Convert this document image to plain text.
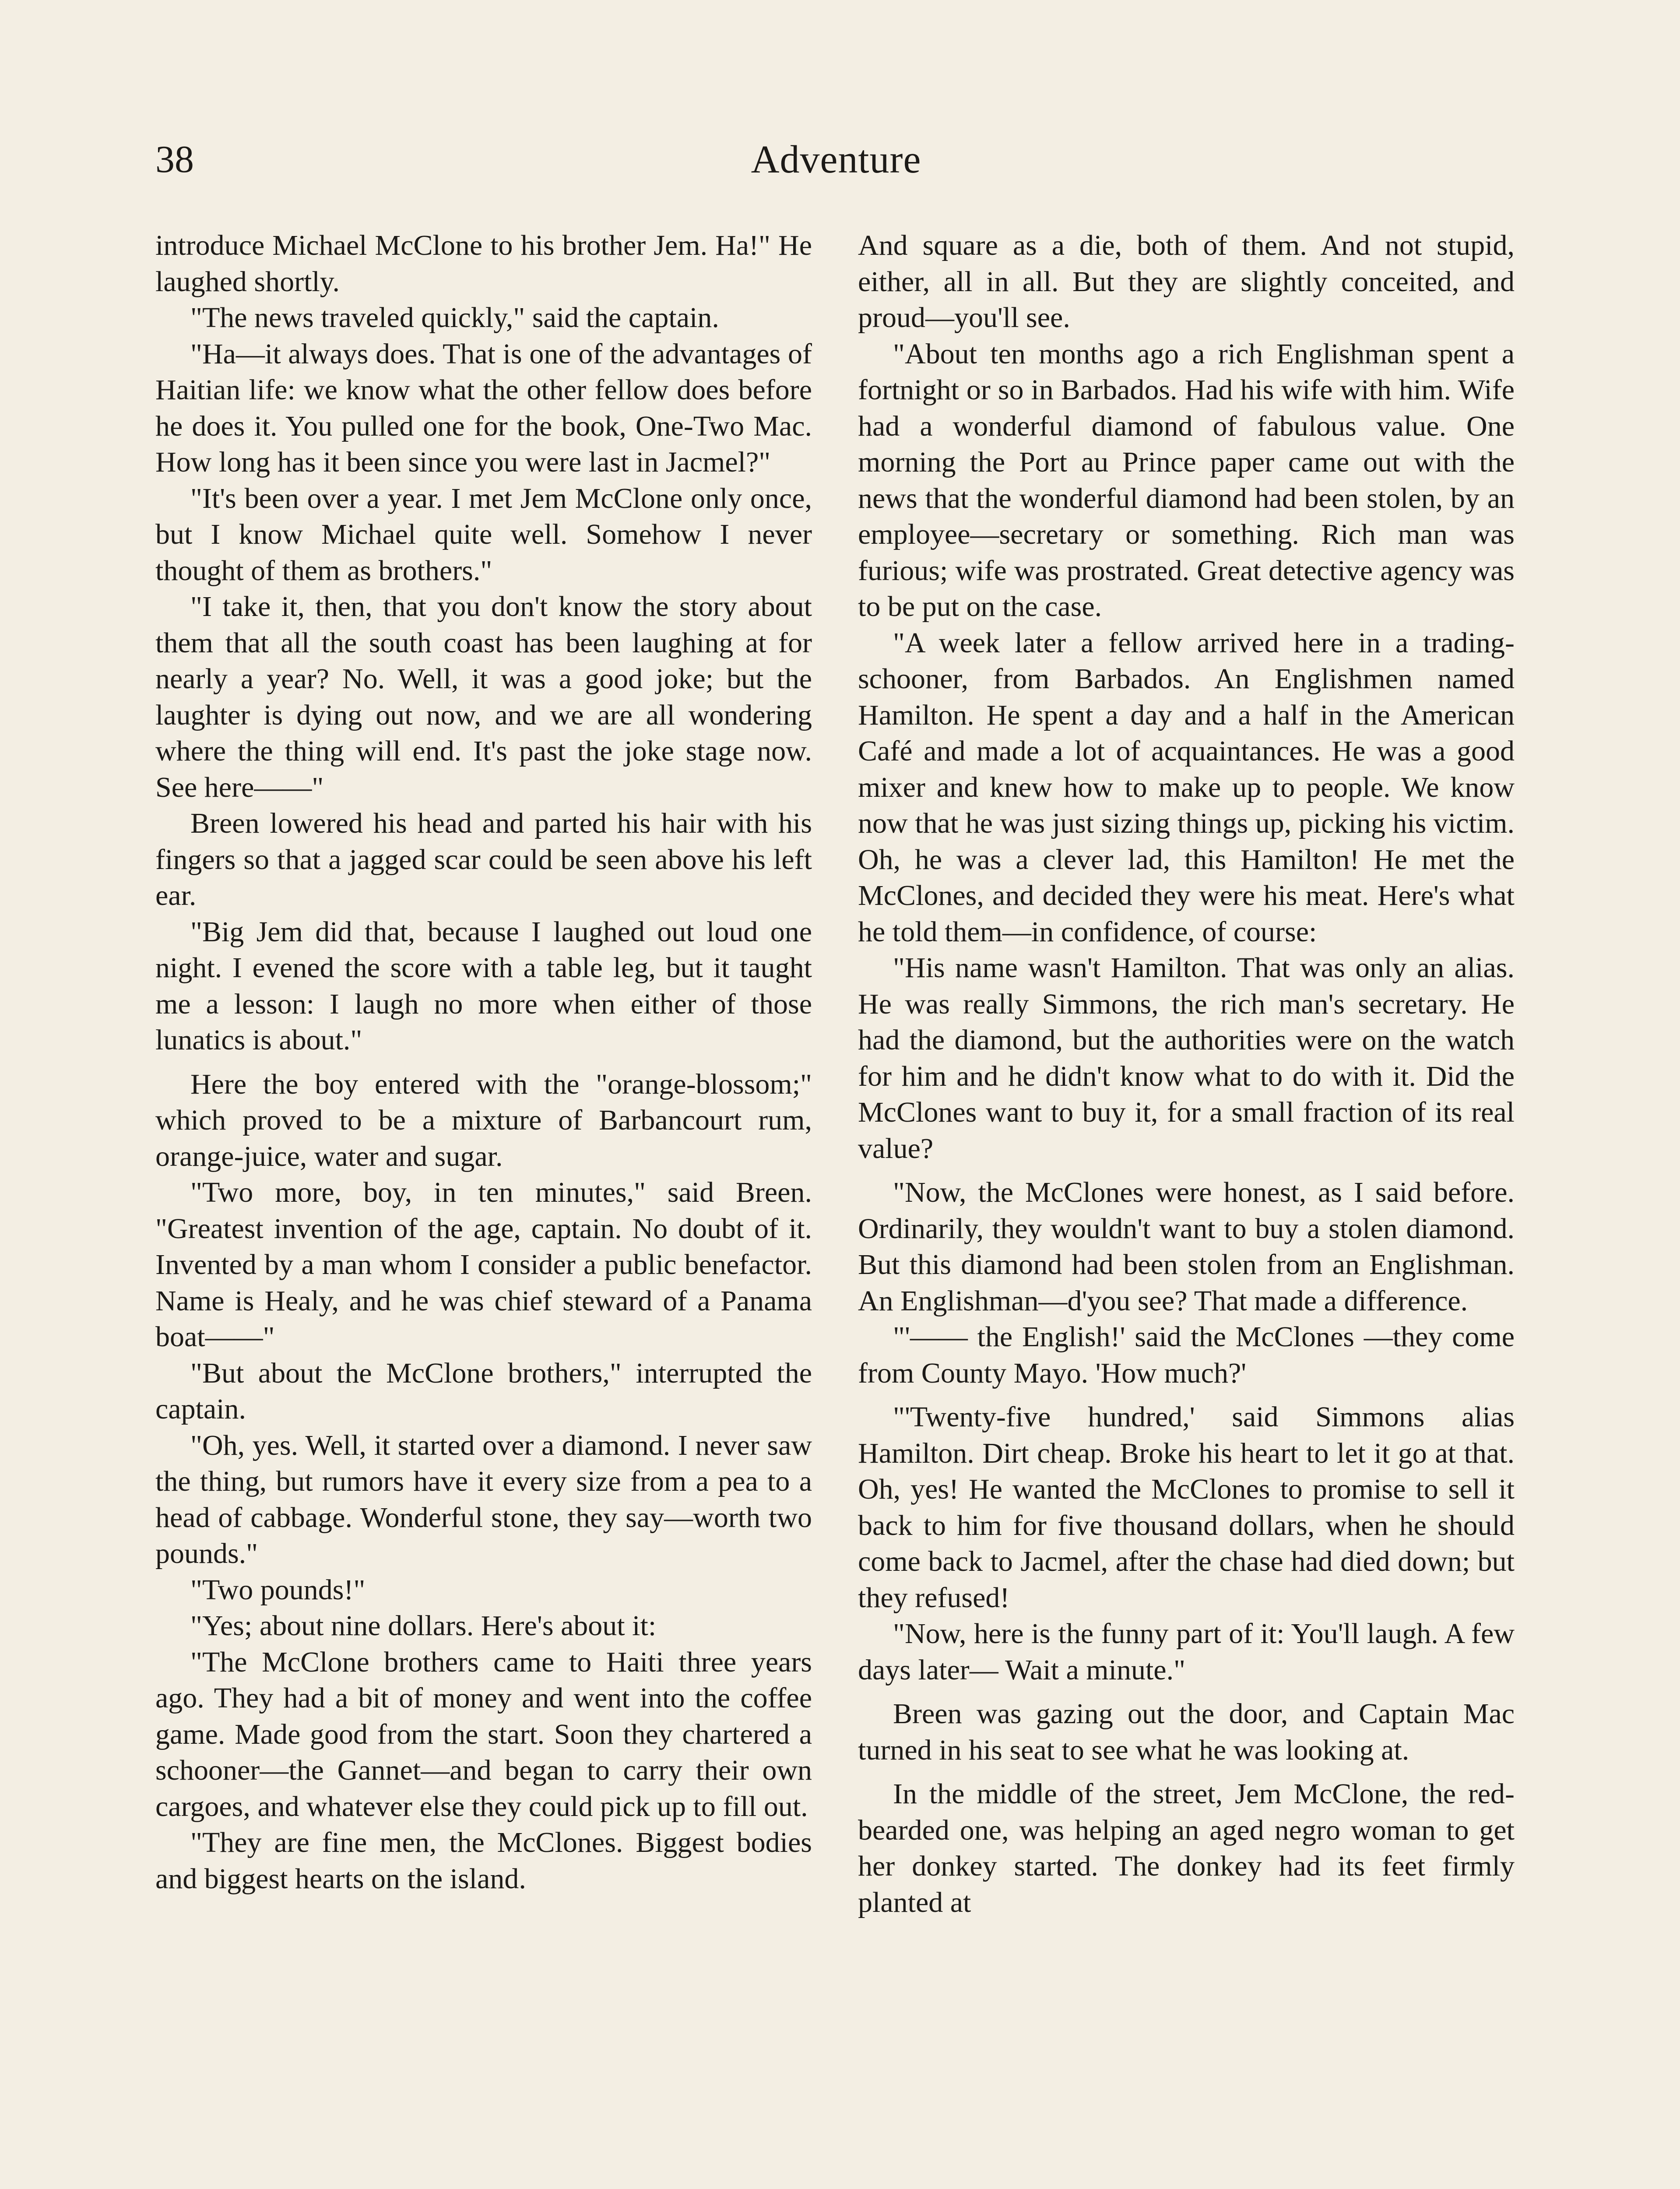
38	Adventure

introduce Michael McClone to his brother Jem. Ha!" He laughed shortly.

"The news traveled quickly," said the captain.

"Ha—it always does. That is one of the advantages of Haitian life: we know what the other fellow does before he does it. You pulled one for the book, One-Two Mac. How long has it been since you were last in Jacmel?"

"It's been over a year. I met Jem McClone only once, but I know Michael quite well. Somehow I never thought of them as brothers."

"I take it, then, that you don't know the story about them that all the south coast has been laughing at for nearly a year? No. Well, it was a good joke; but the laughter is dying out now, and we are all wondering where the thing will end. It's past the joke stage now. See here——"

Breen lowered his head and parted his hair with his fingers so that a jagged scar could be seen above his left ear.

"Big Jem did that, because I laughed out loud one night. I evened the score with a table leg, but it taught me a lesson: I laugh no more when either of those lunatics is about."

Here the boy entered with the "orange-blossom;" which proved to be a mixture of Barbancourt rum, orange-juice, water and sugar.

"Two more, boy, in ten minutes," said Breen. "Greatest invention of the age, captain. No doubt of it. Invented by a man whom I consider a public benefactor. Name is Healy, and he was chief steward of a Panama boat——"

"But about the McClone brothers," interrupted the captain.

"Oh, yes. Well, it started over a diamond. I never saw the thing, but rumors have it every size from a pea to a head of cabbage. Wonderful stone, they say—worth two pounds."

"Two pounds!"

"Yes; about nine dollars. Here's about it:

"The McClone brothers came to Haiti three years ago. They had a bit of money and went into the coffee game. Made good from the start. Soon they chartered a schooner—the Gannet—and began to carry their own cargoes, and whatever else they could pick up to fill out.

"They are fine men, the McClones. Biggest bodies and biggest hearts on the island.

And square as a die, both of them. And not stupid, either, all in all. But they are slightly conceited, and proud—you'll see.

"About ten months ago a rich Englishman spent a fortnight or so in Barbados. Had his wife with him. Wife had a wonderful diamond of fabulous value. One morning the Port au Prince paper came out with the news that the wonderful diamond had been stolen, by an employee—secretary or something. Rich man was furious; wife was prostrated. Great detective agency was to be put on the case.

"A week later a fellow arrived here in a trading-schooner, from Barbados. An Englishmen named Hamilton. He spent a day and a half in the American Café and made a lot of acquaintances. He was a good mixer and knew how to make up to people. We know now that he was just sizing things up, picking his victim. Oh, he was a clever lad, this Hamilton! He met the McClones, and decided they were his meat. Here's what he told them—in confidence, of course:

"His name wasn't Hamilton. That was only an alias. He was really Simmons, the rich man's secretary. He had the diamond, but the authorities were on the watch for him and he didn't know what to do with it. Did the McClones want to buy it, for a small fraction of its real value?

"Now, the McClones were honest, as I said before. Ordinarily, they wouldn't want to buy a stolen diamond. But this diamond had been stolen from an Englishman. An Englishman—d'you see? That made a difference.

"'—— the English!' said the McClones —they come from County Mayo. 'How much?'

"'Twenty-five hundred,' said Simmons alias Hamilton. Dirt cheap. Broke his heart to let it go at that. Oh, yes! He wanted the McClones to promise to sell it back to him for five thousand dollars, when he should come back to Jacmel, after the chase had died down; but they refused!

"Now, here is the funny part of it: You'll laugh. A few days later— Wait a minute."

Breen was gazing out the door, and Captain Mac turned in his seat to see what he was looking at.

In the middle of the street, Jem McClone, the red-bearded one, was helping an aged negro woman to get her donkey started. The donkey had its feet firmly planted at
